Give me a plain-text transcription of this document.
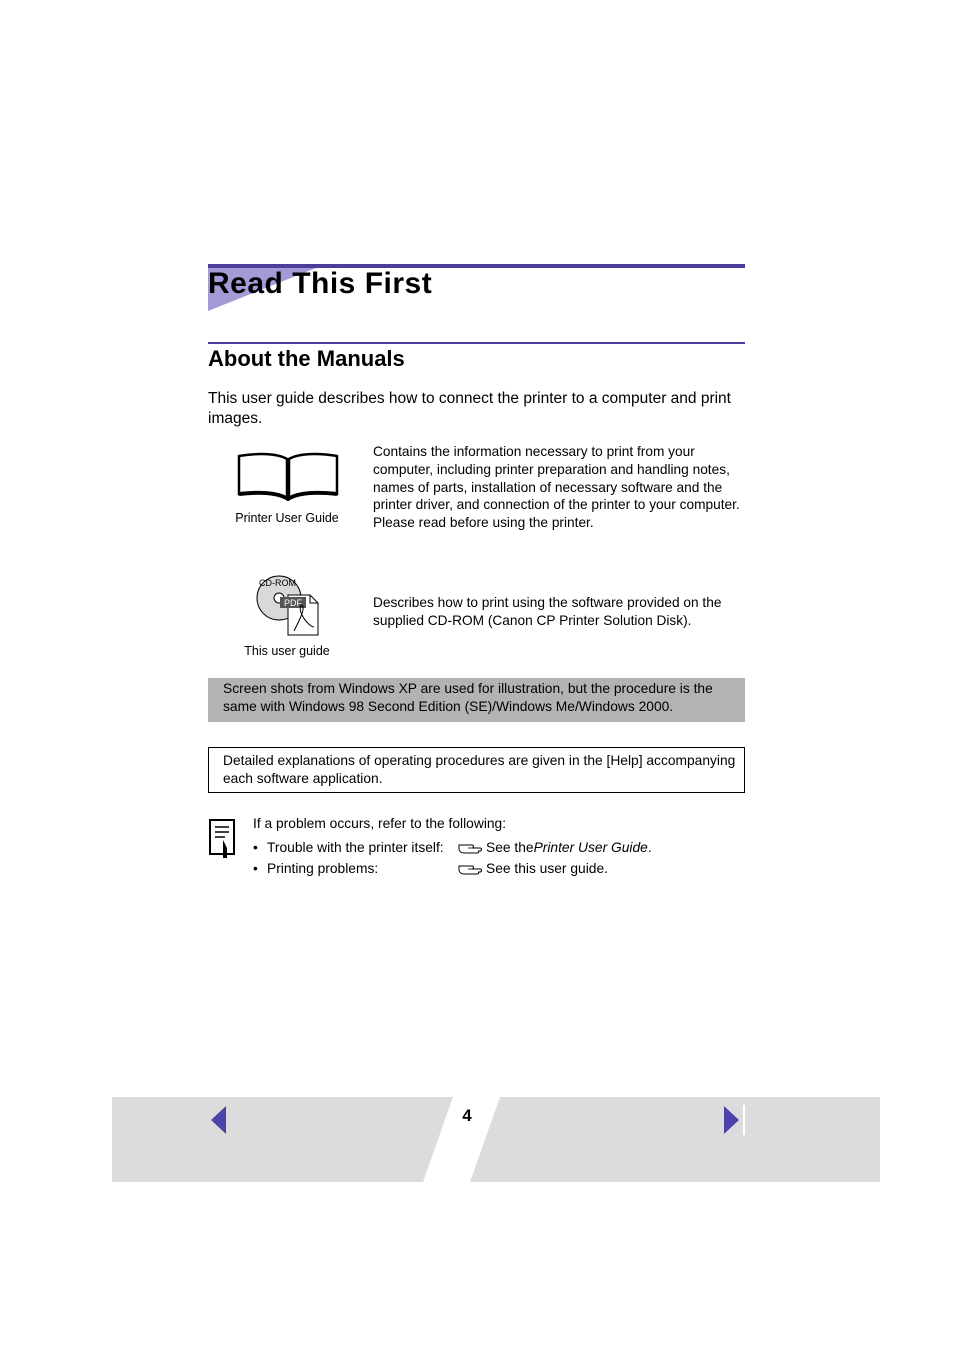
Read This First
About the Manuals
This user guide describes how to connect the printer to a computer and print images.
Printer User Guide
Contains the information necessary to print from your computer, including printer preparation and handling notes, names of parts, installation of necessary software and the printer driver, and connection of the printer to your computer. Please read before using the printer.
CD-ROM
PDF
This user guide
Describes how to print using the software provided on the supplied CD-ROM (Canon CP Printer Solution Disk).
Screen shots from Windows XP are used for illustration, but the procedure is the same with Windows 98 Second Edition (SE)/Windows Me/Windows 2000.
Detailed explanations of operating procedures are given in the [Help] accompanying each software application.
If a problem occurs, refer to the following:
• Trouble with the printer itself:	See the Printer User Guide .
• Printing problems:	See this user guide.
4
